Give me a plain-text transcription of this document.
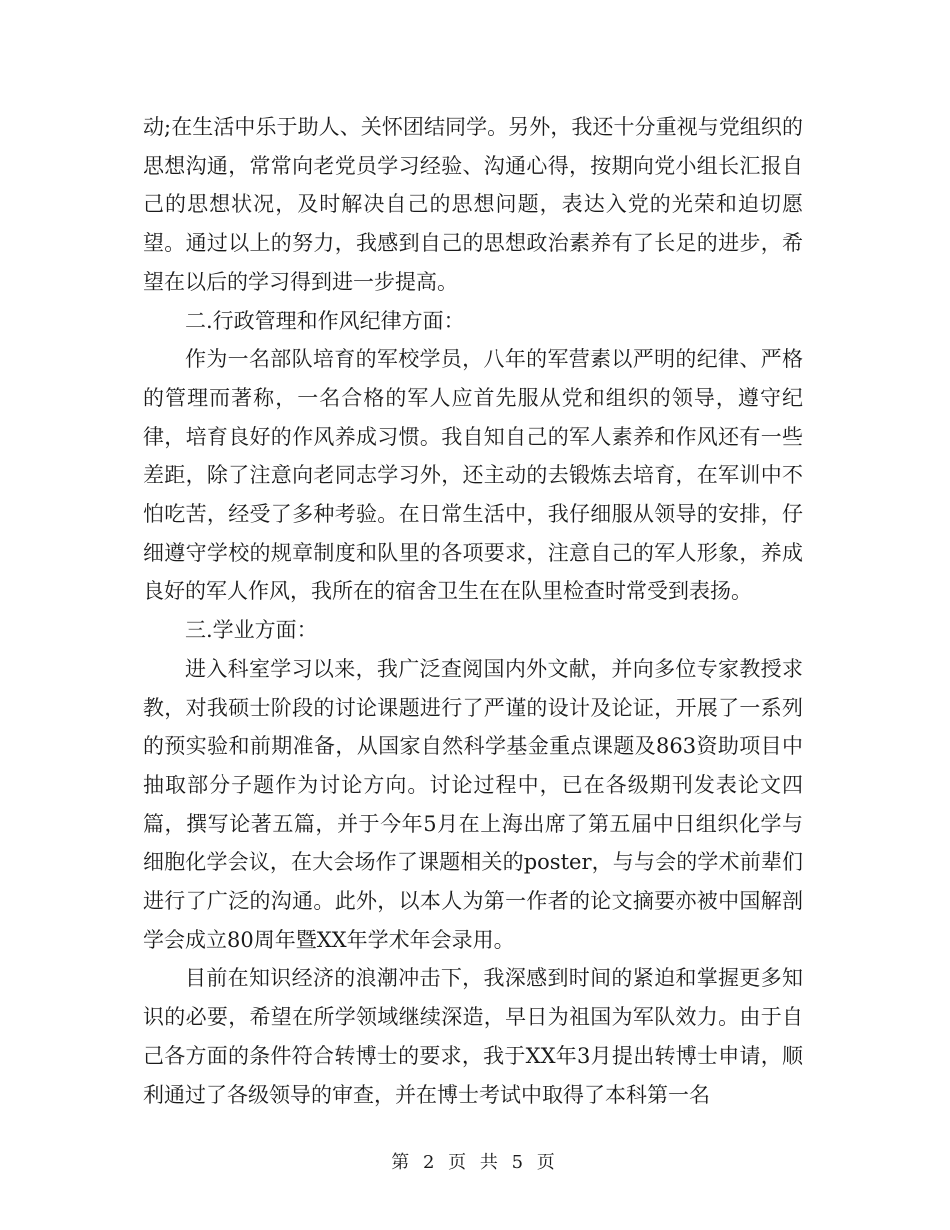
动;在生活中乐于助人、关怀团结同学。另外，我还十分重视与党组织的思想沟通，常常向老党员学习经验、沟通心得，按期向党小组长汇报自己的思想状况，及时解决自己的思想问题，表达入党的光荣和迫切愿望。通过以上的努力，我感到自己的思想政治素养有了长足的进步，希望在以后的学习得到进一步提高。

二.行政管理和作风纪律方面：

作为一名部队培育的军校学员，八年的军营素以严明的纪律、严格的管理而著称，一名合格的军人应首先服从党和组织的领导，遵守纪律，培育良好的作风养成习惯。我自知自己的军人素养和作风还有一些差距，除了注意向老同志学习外，还主动的去锻炼去培育，在军训中不怕吃苦，经受了多种考验。在日常生活中，我仔细服从领导的安排，仔细遵守学校的规章制度和队里的各项要求，注意自己的军人形象，养成良好的军人作风，我所在的宿舍卫生在在队里检查时常受到表扬。

三.学业方面：

进入科室学习以来，我广泛查阅国内外文献，并向多位专家教授求教，对我硕士阶段的讨论课题进行了严谨的设计及论证，开展了一系列的预实验和前期准备，从国家自然科学基金重点课题及863资助项目中抽取部分子题作为讨论方向。讨论过程中，已在各级期刊发表论文四篇，撰写论著五篇，并于今年5月在上海出席了第五届中日组织化学与细胞化学会议，在大会场作了课题相关的poster，与与会的学术前辈们进行了广泛的沟通。此外，以本人为第一作者的论文摘要亦被中国解剖学会成立80周年暨XX年学术年会录用。

目前在知识经济的浪潮冲击下，我深感到时间的紧迫和掌握更多知识的必要，希望在所学领域继续深造，早日为祖国为军队效力。由于自己各方面的条件符合转博士的要求，我于XX年3月提出转博士申请，顺利通过了各级领导的审查，并在博士考试中取得了本科第一名

第 2 页 共 5 页
